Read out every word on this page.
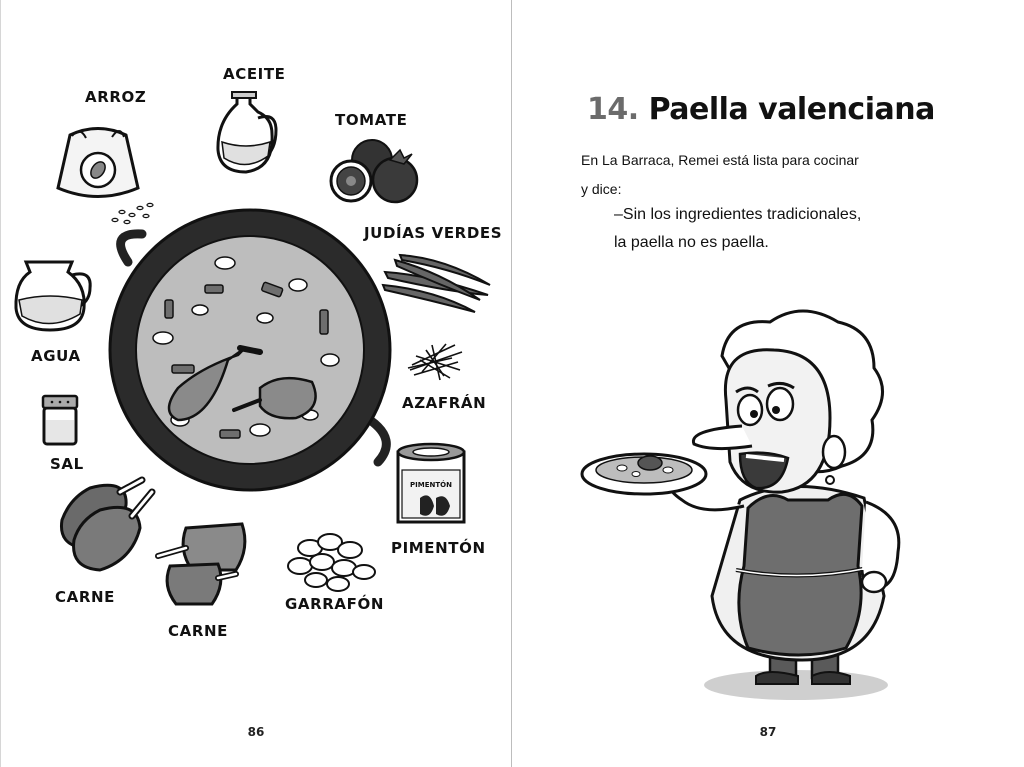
ARROZ
ACEITE
TOMATE
JUDÍAS VERDES
AGUA
AZAFRÁN
SAL
PIMENTÓN
CARNE
CARNE
GARRAFÓN
PIMENTÓN
86
14. Paella valenciana
En La Barraca, Remei está lista para cocinar
y dice:
–Sin los ingredientes tradicionales,
la paella no es paella.
87
